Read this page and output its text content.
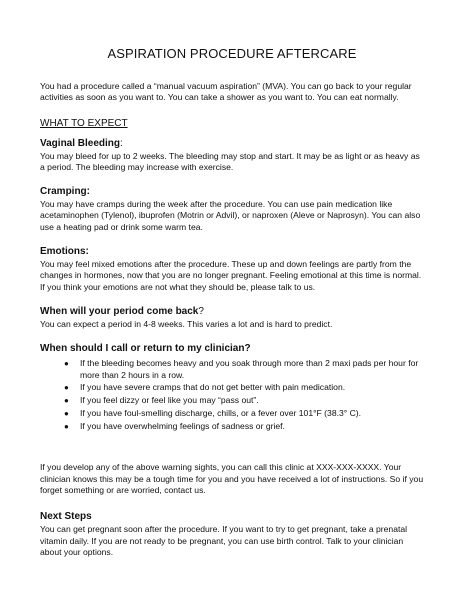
ASPIRATION PROCEDURE AFTERCARE

You had a procedure called a “manual vacuum aspiration” (MVA). You can go back to your regular activities as soon as you want to. You can take a shower as you want to. You can eat normally.

WHAT TO EXPECT
Vaginal Bleeding:

You may bleed for up to 2 weeks. The bleeding may stop and start. It may be as light or as heavy as a period. The bleeding may increase with exercise.

Cramping:

You may have cramps during the week after the procedure. You can use pain medication like acetaminophen (Tylenol), ibuprofen (Motrin or Advil), or naproxen (Aleve or Naprosyn). You can also use a heating pad or drink some warm tea.

Emotions:

You may feel mixed emotions after the procedure. These up and down feelings are partly from the changes in hormones, now that you are no longer pregnant. Feeling emotional at this time is normal. If you think your emotions are not what they should be, please talk to us.

When will your period come back?

You can expect a period in 4-8 weeks. This varies a lot and is hard to predict.

When should I call or return to my clinician?
● If the bleeding becomes heavy and you soak through more than 2 maxi pads per hour for more than 2 hours in a row.
● If you have severe cramps that do not get better with pain medication.
● If you feel dizzy or feel like you may “pass out”.
● If you have foul-smelling discharge, chills, or a fever over 101°F (38.3° C).
● If you have overwhelming feelings of sadness or grief.

If you develop any of the above warning sights, you can call this clinic at XXX-XXX-XXXX. Your clinician knows this may be a tough time for you and you have received a lot of instructions. So if you forget something or are worried, contact us.

Next Steps

You can get pregnant soon after the procedure. If you want to try to get pregnant, take a prenatal vitamin daily. If you are not ready to be pregnant, you can use birth control. Talk to your clinician about your options.
